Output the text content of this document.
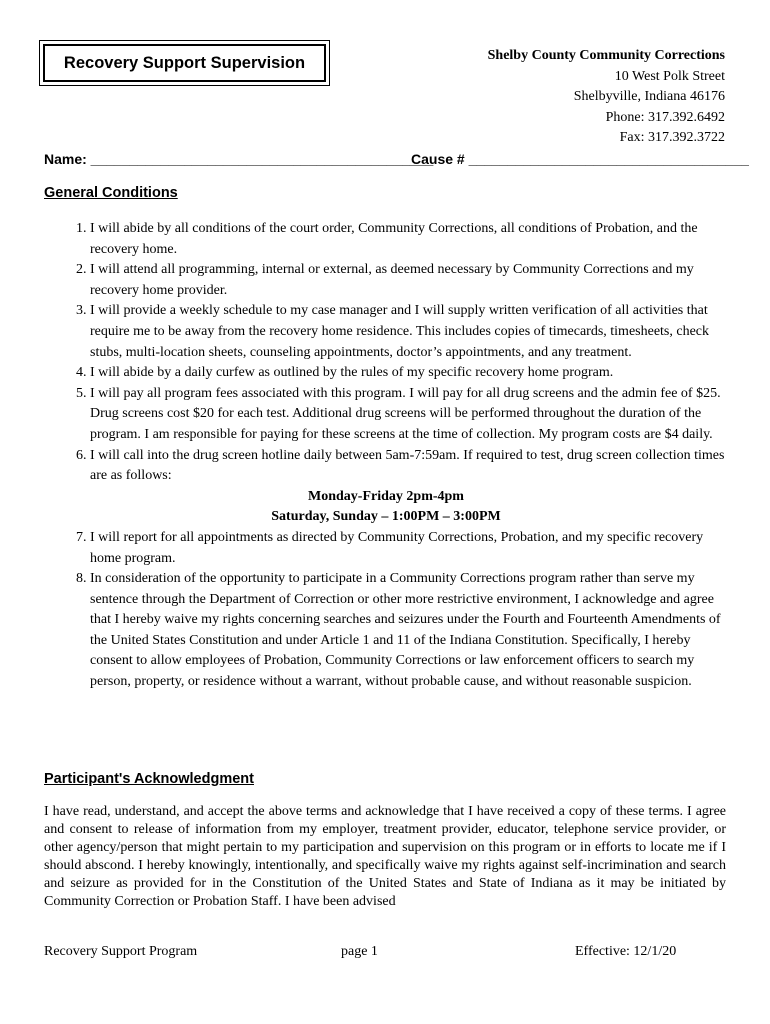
Recovery Support Supervision	Shelby County Community Corrections
10 West Polk Street
Shelbyville, Indiana 46176
Phone: 317.392.6492
Fax: 317.392.3722
Name: ____________________________________________
Cause # ____________________________________
General Conditions
1. I will abide by all conditions of the court order, Community Corrections, all conditions of Probation, and the recovery home.
2. I will attend all programming, internal or external, as deemed necessary by Community Corrections and my recovery home provider.
3. I will provide a weekly schedule to my case manager and I will supply written verification of all activities that require me to be away from the recovery home residence. This includes copies of timecards, timesheets, check stubs, multi-location sheets, counseling appointments, doctor’s appointments, and any treatment.
4. I will abide by a daily curfew as outlined by the rules of my specific recovery home program.
5. I will pay all program fees associated with this program. I will pay for all drug screens and the admin fee of $25. Drug screens cost $20 for each test. Additional drug screens will be performed throughout the duration of the program. I am responsible for paying for these screens at the time of collection. My program costs are $4 daily.
6. I will call into the drug screen hotline daily between 5am-7:59am. If required to test, drug screen collection times are as follows:
Monday-Friday 2pm-4pm
Saturday, Sunday – 1:00PM – 3:00PM
7. I will report for all appointments as directed by Community Corrections, Probation, and my specific recovery home program.
8. In consideration of the opportunity to participate in a Community Corrections program rather than serve my sentence through the Department of Correction or other more restrictive environment, I acknowledge and agree that I hereby waive my rights concerning searches and seizures under the Fourth and Fourteenth Amendments of the United States Constitution and under Article 1 and 11 of the Indiana Constitution. Specifically, I hereby consent to allow employees of Probation, Community Corrections or law enforcement officers to search my person, property, or residence without a warrant, without probable cause, and without reasonable suspicion.
Participant's Acknowledgment

I have read, understand, and accept the above terms and acknowledge that I have received a copy of these terms. I agree and consent to release of information from my employer, treatment provider, educator, telephone service provider, or other agency/person that might pertain to my participation and supervision on this program or in efforts to locate me if I should abscond. I hereby knowingly, intentionally, and specifically waive my rights against self-incrimination and search and seizure as provided for in the Constitution of the United States and State of Indiana as it may be initiated by Community Correction or Probation Staff. I have been advised

Recovery Support Program	page 1	Effective: 12/1/20
